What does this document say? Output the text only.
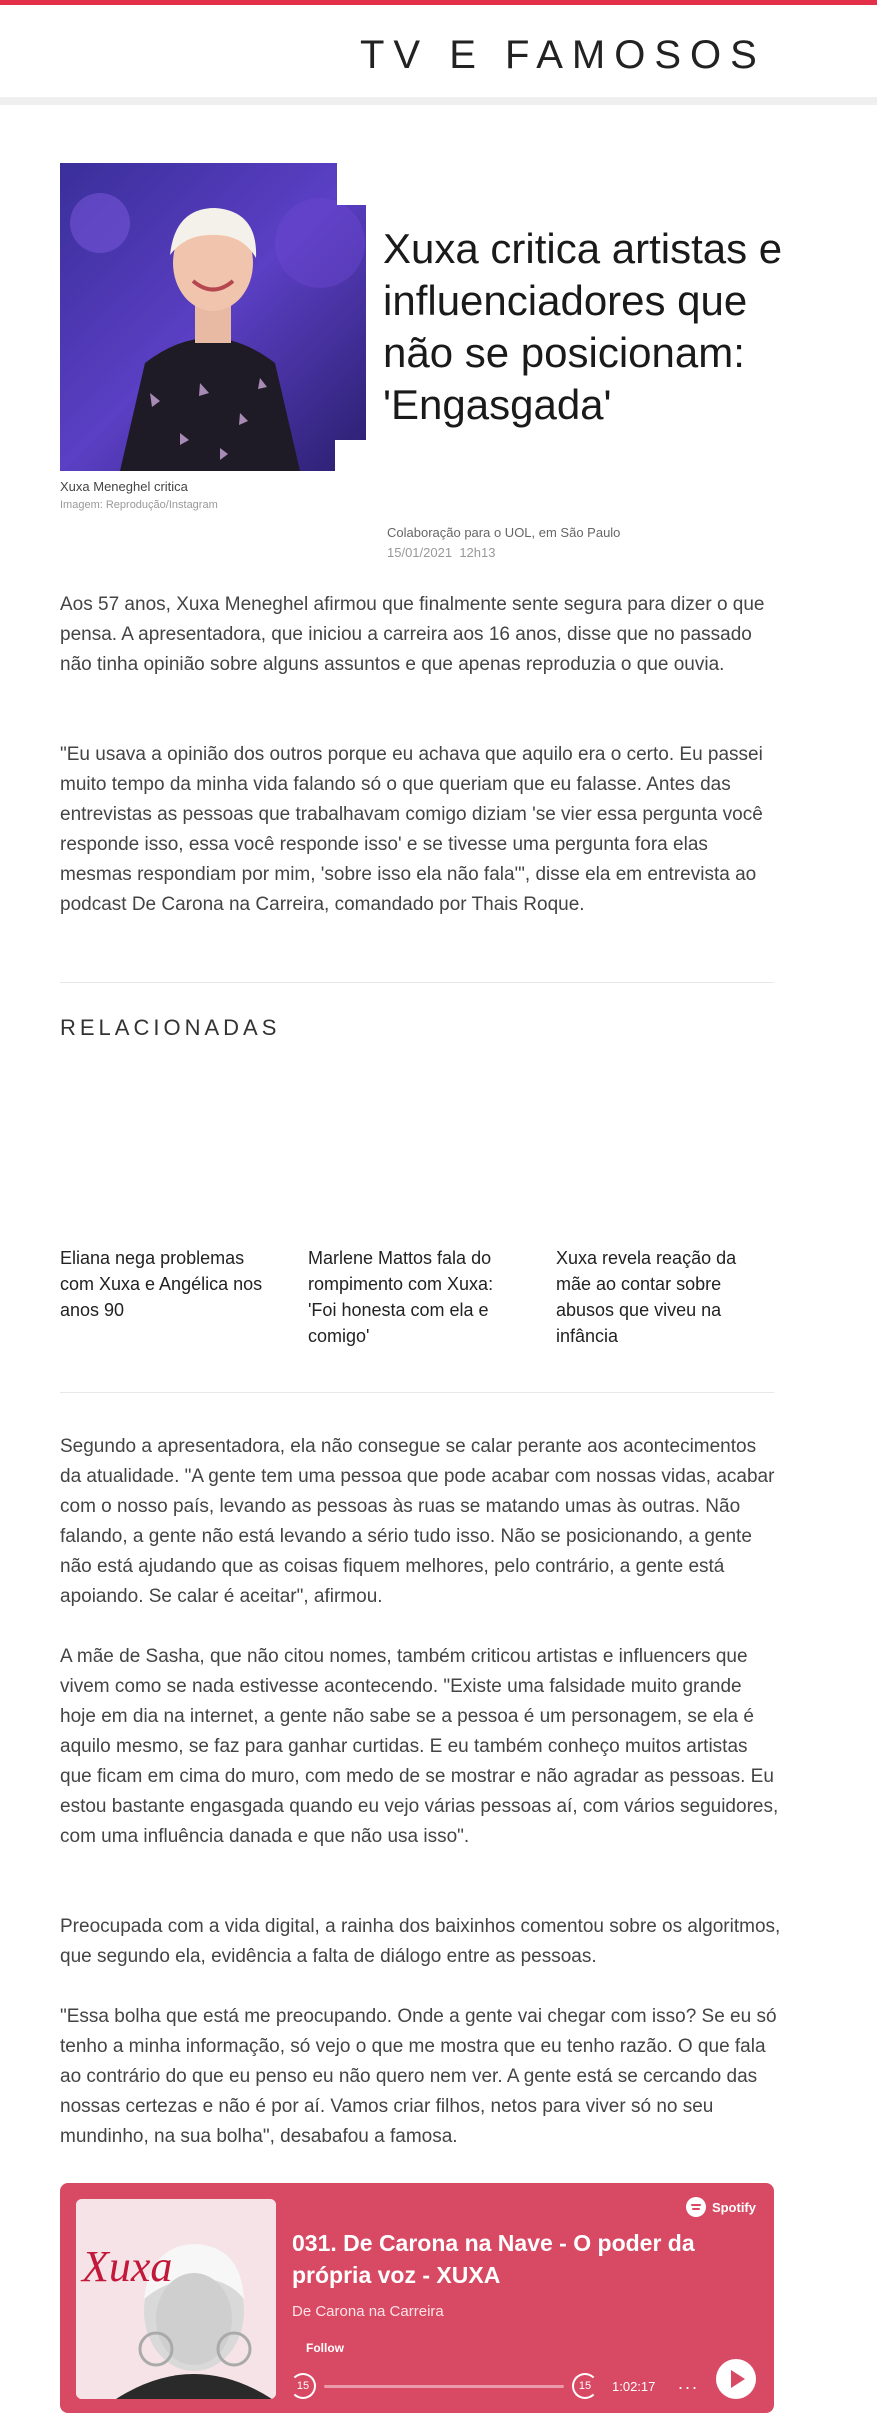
TV E FAMOSOS
Xuxa Meneghel critica
Imagem: Reprodução/Instagram
Xuxa critica artistas e influenciadores que não se posicionam: 'Engasgada'
Colaboração para o UOL, em São Paulo
15/01/2021 12h13

Aos 57 anos, Xuxa Meneghel afirmou que finalmente sente segura para dizer o que pensa. A apresentadora, que iniciou a carreira aos 16 anos, disse que no passado não tinha opinião sobre alguns assuntos e que apenas reproduzia o que ouvia.

"Eu usava a opinião dos outros porque eu achava que aquilo era o certo. Eu passei muito tempo da minha vida falando só o que queriam que eu falasse. Antes das entrevistas as pessoas que trabalhavam comigo diziam 'se vier essa pergunta você responde isso, essa você responde isso' e se tivesse uma pergunta fora elas mesmas respondiam por mim, 'sobre isso ela não fala'", disse ela em entrevista ao podcast De Carona na Carreira, comandado por Thais Roque.

RELACIONADAS
Eliana nega problemas com Xuxa e Angélica nos anos 90
Marlene Mattos fala do rompimento com Xuxa: 'Foi honesta com ela e comigo'
Xuxa revela reação da mãe ao contar sobre abusos que viveu na infância

Segundo a apresentadora, ela não consegue se calar perante aos acontecimentos da atualidade. "A gente tem uma pessoa que pode acabar com nossas vidas, acabar com o nosso país, levando as pessoas às ruas se matando umas às outras. Não falando, a gente não está levando a sério tudo isso. Não se posicionando, a gente não está ajudando que as coisas fiquem melhores, pelo contrário, a gente está apoiando. Se calar é aceitar", afirmou.

A mãe de Sasha, que não citou nomes, também criticou artistas e influencers que vivem como se nada estivesse acontecendo. "Existe uma falsidade muito grande hoje em dia na internet, a gente não sabe se a pessoa é um personagem, se ela é aquilo mesmo, se faz para ganhar curtidas. E eu também conheço muitos artistas que ficam em cima do muro, com medo de se mostrar e não agradar as pessoas. Eu estou bastante engasgada quando eu vejo várias pessoas aí, com vários seguidores, com uma influência danada e que não usa isso".

Preocupada com a vida digital, a rainha dos baixinhos comentou sobre os algoritmos, que segundo ela, evidência a falta de diálogo entre as pessoas.

"Essa bolha que está me preocupando. Onde a gente vai chegar com isso? Se eu só tenho a minha informação, só vejo o que me mostra que eu tenho razão. O que fala ao contrário do que eu penso eu não quero nem ver. A gente está se cercando das nossas certezas e não é por aí. Vamos criar filhos, netos para viver só no seu mundinho, na sua bolha", desabafou a famosa.

Xuxa
Spotify
031. De Carona na Nave - O poder da própria voz - XUXA
De Carona na Carreira
Follow
15	15	1:02:17 ...
